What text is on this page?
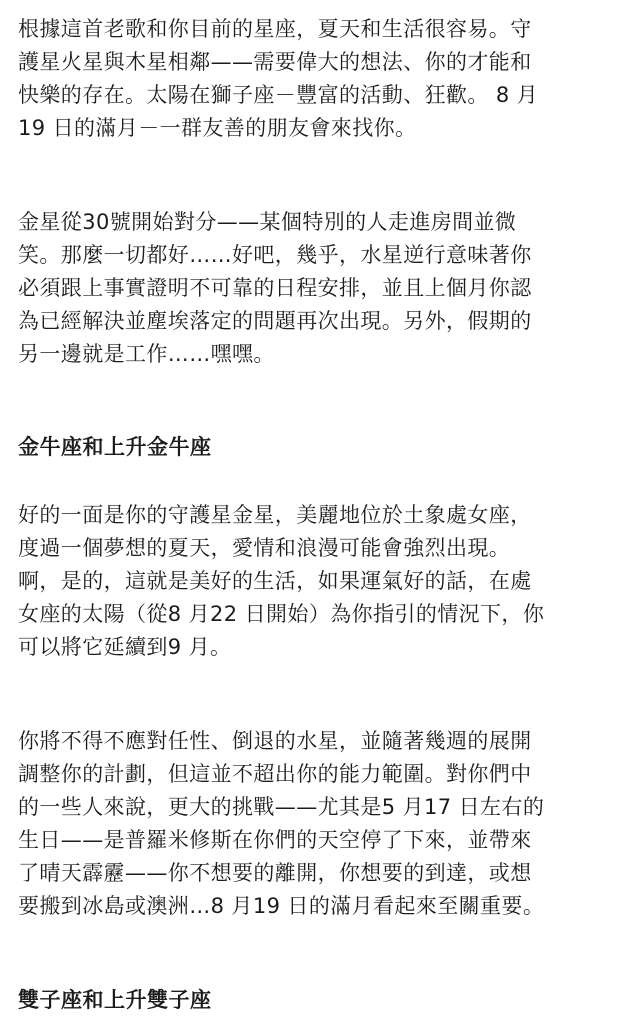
根據這首老歌和你目前的星座，夏天和生活很容易。守
護星火星與木星相鄰——需要偉大的想法、你的才能和
快樂的存在。太陽在獅子座－豐富的活動、狂歡。 8 月
19 日的滿月－一群友善的朋友會來找你。

金星從30號開始對分——某個特別的人走進房間並微
笑。那麼一切都好……好吧，幾乎，水星逆行意味著你
必須跟上事實證明不可靠的日程安排，並且上個月你認
為已經解決並塵埃落定的問題再次出現。另外，假期的
另一邊就是工作……嘿嘿。

金牛座和上升金牛座

好的一面是你的守護星金星，美麗地位於土象處女座，
度過一個夢想的夏天，愛情和浪漫可能會強烈出現。
啊，是的，這就是美好的生活，如果運氣好的話，在處
女座的太陽（從8 月22 日開始）為你指引的情況下，你
可以將它延續到9 月。

你將不得不應對任性、倒退的水星，並隨著幾週的展開
調整你的計劃，但這並不超出你的能力範圍。對你們中
的一些人來說，更大的挑戰——尤其是5 月17 日左右的
生日——是普羅米修斯在你們的天空停了下來，並帶來
了晴天霹靂——你不想要的離開，你想要的到達，或想
要搬到冰島或澳洲…8 月19 日的滿月看起來至關重要。

雙子座和上升雙子座
